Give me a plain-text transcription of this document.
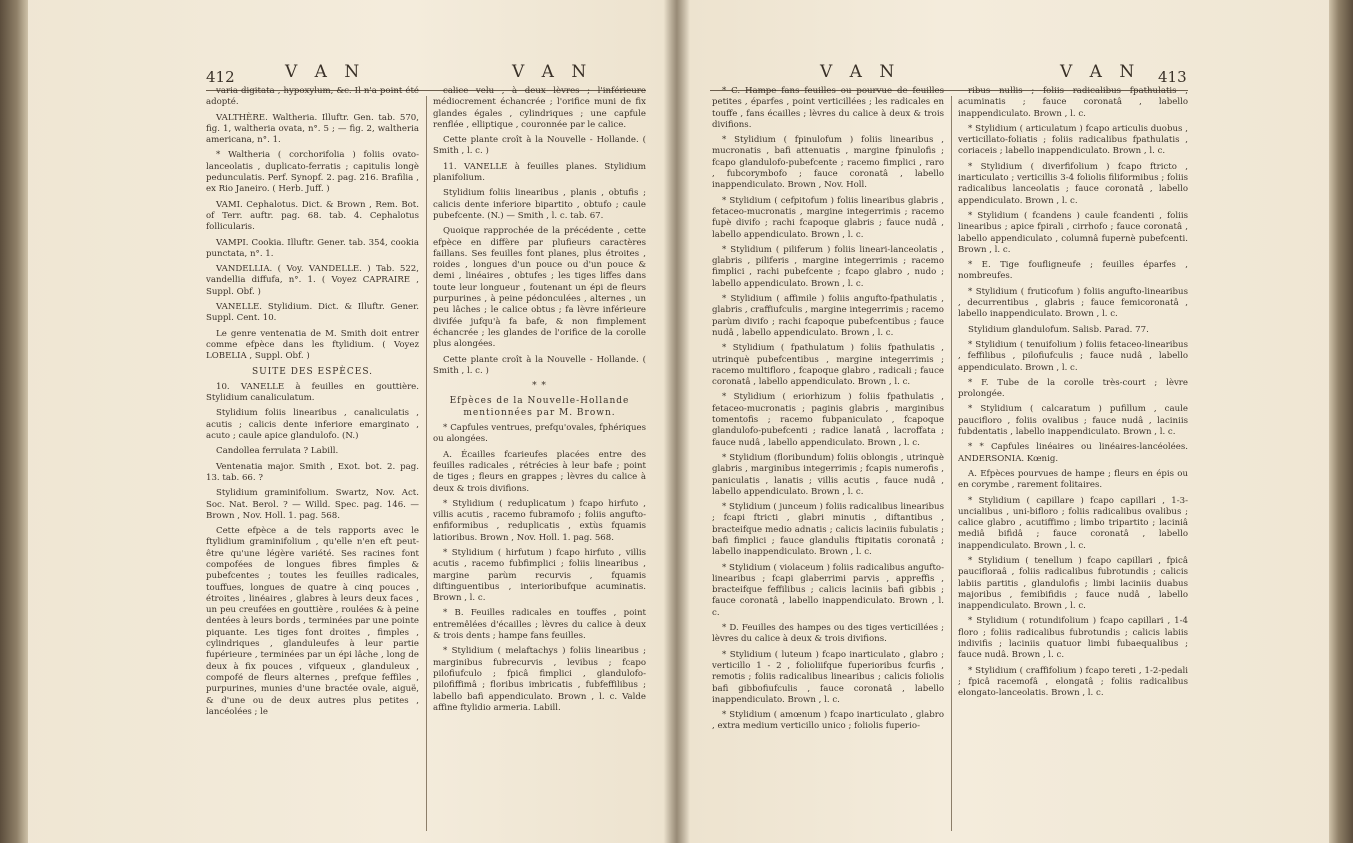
412	V A N	V A N

varia digitata , hypoxylum, &c. Il n'a point été adopté.

VALTHÈRE. Waltheria. Illuftr. Gen. tab. 570, fig. 1, waltheria ovata, n°. 5 ; — fig. 2, waltheria americana, n°. 1.

* Waltheria ( corchorifolia ) foliis ovato-lanceolatis , duplicato-ferratis ; capitulis longè pedunculatis. Perf. Synopf. 2. pag. 216. Brafilia , ex Rio Janeiro. ( Herb. Juff. )

VAMI. Cephalotus. Dict. & Brown , Rem. Bot. of Terr. auftr. pag. 68. tab. 4. Cephalotus follicularis.

VAMPI. Cookia. Illuftr. Gener. tab. 354, cookia punctata, n°. 1.

VANDELLIA. ( Voy. VANDELLE. ) Tab. 522, vandellia diffufa, n°. 1. ( Voyez CAPRAIRE , Suppl. Obf. )

VANELLE. Stylidium. Dict. & Illuftr. Gener. Suppl. Cent. 10.

Le genre ventenatia de M. Smith doit entrer comme efpèce dans les ftylidium. ( Voyez LOBELIA , Suppl. Obf. )

SUITE DES ESPÈCES.

10. VANELLE à feuilles en gouttière. Stylidium canaliculatum.

Stylidium foliis linearibus , canaliculatis , acutis ; calicis dente inferiore emarginato , acuto ; caule apice glandulofo. (N.)

Candollea ferrulata ? Labill.

Ventenatia major. Smith , Exot. bot. 2. pag. 13. tab. 66. ?

Stylidium graminifolium. Swartz, Nov. Act. Soc. Nat. Berol. ? — Willd. Spec. pag. 146. — Brown , Nov. Holl. 1. pag. 568.

Cette efpèce a de tels rapports avec le ftylidium graminifolium , qu'elle n'en eft peut-être qu'une légère variété. Ses racines font compofées de longues fibres fimples & pubefcentes ; toutes les feuilles radicales, touffues, longues de quatre à cinq pouces , étroites , linéaires , glabres à leurs deux faces , un peu creufées en gouttière , roulées & à peine dentées à leurs bords , terminées par une pointe piquante. Les tiges font droites , fimples , cylindriques , glanduleufes à leur partie fupérieure , terminées par un épi lâche , long de deux à fix pouces , vifqueux , glanduleux , compofé de fleurs alternes , prefque feffiles , purpurines, munies d'une bractée ovale, aiguë, & d'une ou de deux autres plus petites , lancéolées ; le

calice velu , à deux lèvres ; l'inférieure médiocrement échancrée ; l'orifice muni de fix glandes égales , cylindriques ; une capfule renflée , elliptique , couronnée par le calice.

Cette plante croît à la Nouvelle - Hollande. ( Smith , l. c. )

11. VANELLE à feuilles planes. Stylidium planifolium.

Stylidium foliis linearibus , planis , obtufis ; calicis dente inferiore bipartito , obtufo ; caule pubefcente. (N.) — Smith , l. c. tab. 67.

Quoique rapprochée de la précédente , cette efpèce en diffère par plufieurs caractères faillans. Ses feuilles font planes, plus étroites , roides , longues d'un pouce ou d'un pouce & demi , linéaires , obtufes ; les tiges liffes dans toute leur longueur , foutenant un épi de fleurs purpurines , à peine pédonculées , alternes , un peu lâches ; le calice obtus ; fa lèvre inférieure divifée jufqu'à fa bafe, & non fimplement échancrée ; les glandes de l'orifice de la corolle plus alongées.

Cette plante croît à la Nouvelle - Hollande. ( Smith , l. c. )

* *

Efpèces de la Nouvelle-Hollande mentionnées par M. Brown.

* Capfules ventrues, prefqu'ovales, fphériques ou alongées.

A. Écailles fcarieufes placées entre des feuilles radicales , rétrécies à leur bafe ; point de tiges ; fleurs en grappes ; lèvres du calice à deux & trois divifions.

* Stylidium ( reduplicatum ) fcapo hirfuto , villis acutis , racemo fubramofo ; foliis angufto-enfiformibus , reduplicatis , extùs fquamis latioribus. Brown , Nov. Holl. 1. pag. 568.

* Stylidium ( hirfutum ) fcapo hirfuto , villis acutis , racemo fubfimplici ; foliis linearibus , margine parùm recurvis , fquamis diftinguentibus , interioribufque acuminatis. Brown , l. c.

* B. Feuilles radicales en touffes , point entremêlées d'écailles ; lèvres du calice à deux & trois dents ; hampe fans feuilles.

* Stylidium ( melaftachys ) foliis linearibus ; marginibus fubrecurvis , levibus ; fcapo pilofiufculo ; fpicâ fimplici , glandulofo-pilofiffimâ ; floribus imbricatis , fubfeffilibus ; labello bafi appendiculato. Brown , l. c. Valde affine ftylidio armeria. Labill.

V A N	V A N 413

* C. Hampe fans feuilles ou pourvue de feuilles petites , éparfes , point verticillées ; les radicales en touffe , fans écailles ; lèvres du calice à deux & trois divifions.

* Stylidium ( fpinulofum ) foliis linearibus , mucronatis , bafi attenuatis , margine fpinulofis ; fcapo glandulofo-pubefcente ; racemo fimplici , raro , fubcorymbofo ; fauce coronatâ , labello inappendiculato. Brown , Nov. Holl.

* Stylidium ( cefpitofum ) foliis linearibus glabris , fetaceo-mucronatis , margine integerrimis ; racemo fupè divifo ; rachi fcapoque glabris ; fauce nudâ , labello appendiculato. Brown , l. c.

* Stylidium ( piliferum ) foliis lineari-lanceolatis , glabris , piliferis , margine integerrimis ; racemo fimplici , rachi pubefcente ; fcapo glabro , nudo ; labello appendiculato. Brown , l. c.

* Stylidium ( affimile ) foliis angufto-fpathulatis , glabris , craffiufculis , margine integerrimis ; racemo parùm divifo ; rachi fcapoque pubefcentibus ; fauce nudâ , labello appendiculato. Brown , l. c.

* Stylidium ( fpathulatum ) foliis fpathulatis , utrinquè pubefcentibus , margine integerrimis ; racemo multifloro , fcapoque glabro , radicali ; fauce coronatâ , labello appendiculato. Brown , l. c.

* Stylidium ( eriorhizum ) foliis fpathulatis , fetaceo-mucronatis ; paginis glabris , marginibus tomentofis ; racemo fubpaniculato , fcapoque glandulofo-pubefcenti ; radice lanatâ , lacroffata ; fauce nudâ , labello appendiculato. Brown , l. c.

* Stylidium (floribundum) foliis oblongis , utrinquè glabris , marginibus integerrimis ; fcapis numerofis , paniculatis , lanatis ; villis acutis , fauce nudâ , labello appendiculato. Brown , l. c.

* Stylidium ( junceum ) foliis radicalibus linearibus ; fcapi ftricti , glabri minutis , diftantibus , bracteifque medio adnatis ; calicis laciniis fubulatis ; bafi fimplici ; fauce glandulis ftipitatis coronatâ ; labello inappendiculato. Brown , l. c.

* Stylidium ( violaceum ) foliis radicalibus angufto-linearibus ; fcapi glaberrimi parvis , appreffis , bracteifque feffilibus ; calicis laciniis bafi gibbis ; fauce coronatâ , labello inappendiculato. Brown , l. c.

* D. Feuilles des hampes ou des tiges verticillées ; lèvres du calice à deux & trois divifions.

* Stylidium ( luteum ) fcapo inarticulato , glabro ; verticillo 1 - 2 , folioliifque fuperioribus fcurfis , remotis ; foliis radicalibus linearibus ; calicis foliolis bafi gibbofiufculis , fauce coronatâ , labello inappendiculato. Brown , l. c.

* Stylidium ( amœnum ) fcapo inarticulato , glabro , extra medium verticillo unico ; foliolis fuperio-

ribus nullis ; foliis radicalibus fpathulatis , acuminatis ; fauce coronatâ , labello inappendiculato. Brown , l. c.

* Stylidium ( articulatum ) fcapo articulis duobus , verticillato-foliatis ; foliis radicalibus fpathulatis , coriaceis ; labello inappendiculato. Brown , l. c.

* Stylidium ( diverfifolium ) fcapo ftricto , inarticulato ; verticillis 3-4 foliolis filiformibus ; foliis radicalibus lanceolatis ; fauce coronatâ , labello appendiculato. Brown , l. c.

* Stylidium ( fcandens ) caule fcandenti , foliis linearibus ; apice fpirali , cirrhofo ; fauce coronatâ , labello appendiculato , columnâ fupernè pubefcenti. Brown , l. c.

* E. Tige foufligneufe ; feuilles éparfes , nombreufes.

* Stylidium ( fruticofum ) foliis angufto-linearibus , decurrentibus , glabris ; fauce femicoronatâ , labello inappendiculato. Brown , l. c.

Stylidium glandulofum. Salisb. Parad. 77.

* Stylidium ( tenuifolium ) foliis fetaceo-linearibus , feffilibus , pilofiufculis ; fauce nudâ , labello appendiculato. Brown , l. c.

* F. Tube de la corolle très-court ; lèvre prolongée.

* Stylidium ( calcaratum ) pufillum , caule paucifloro , foliis ovalibus ; fauce nudâ , laciniis fubdentatis , labello inappendiculato. Brown , l. c.

* * Capfules linéaires ou linéaires-lancéolées. ANDERSONIA. Kœnig.

A. Efpèces pourvues de hampe ; fleurs en épis ou en corymbe , rarement folitaires.

* Stylidium ( capillare ) fcapo capillari , 1-3-uncialibus , uni-bifloro ; foliis radicalibus ovalibus ; calice glabro , acutiffimo ; limbo tripartito ; laciniâ mediâ bifidâ ; fauce coronatâ , labello inappendiculato. Brown , l. c.

* Stylidium ( tenellum ) fcapo capillari , fpicâ paucifloraâ , foliis radicalibus fubrotundis ; calicis labiis partitis , glandulofis ; limbi laciniis duabus majoribus , femibifidis ; fauce nudâ , labello inappendiculato. Brown , l. c.

* Stylidium ( rotundifolium ) fcapo capillari , 1-4 floro ; foliis radicalibus fubrotundis ; calicis labiis indivifis ; laciniis quatuor limbi fubaequalibus ; fauce nudâ. Brown , l. c.

* Stylidium ( craffifolium ) fcapo tereti , 1-2-pedali ; fpicâ racemofâ , elongatâ ; foliis radicalibus elongato-lanceolatis. Brown , l. c.
